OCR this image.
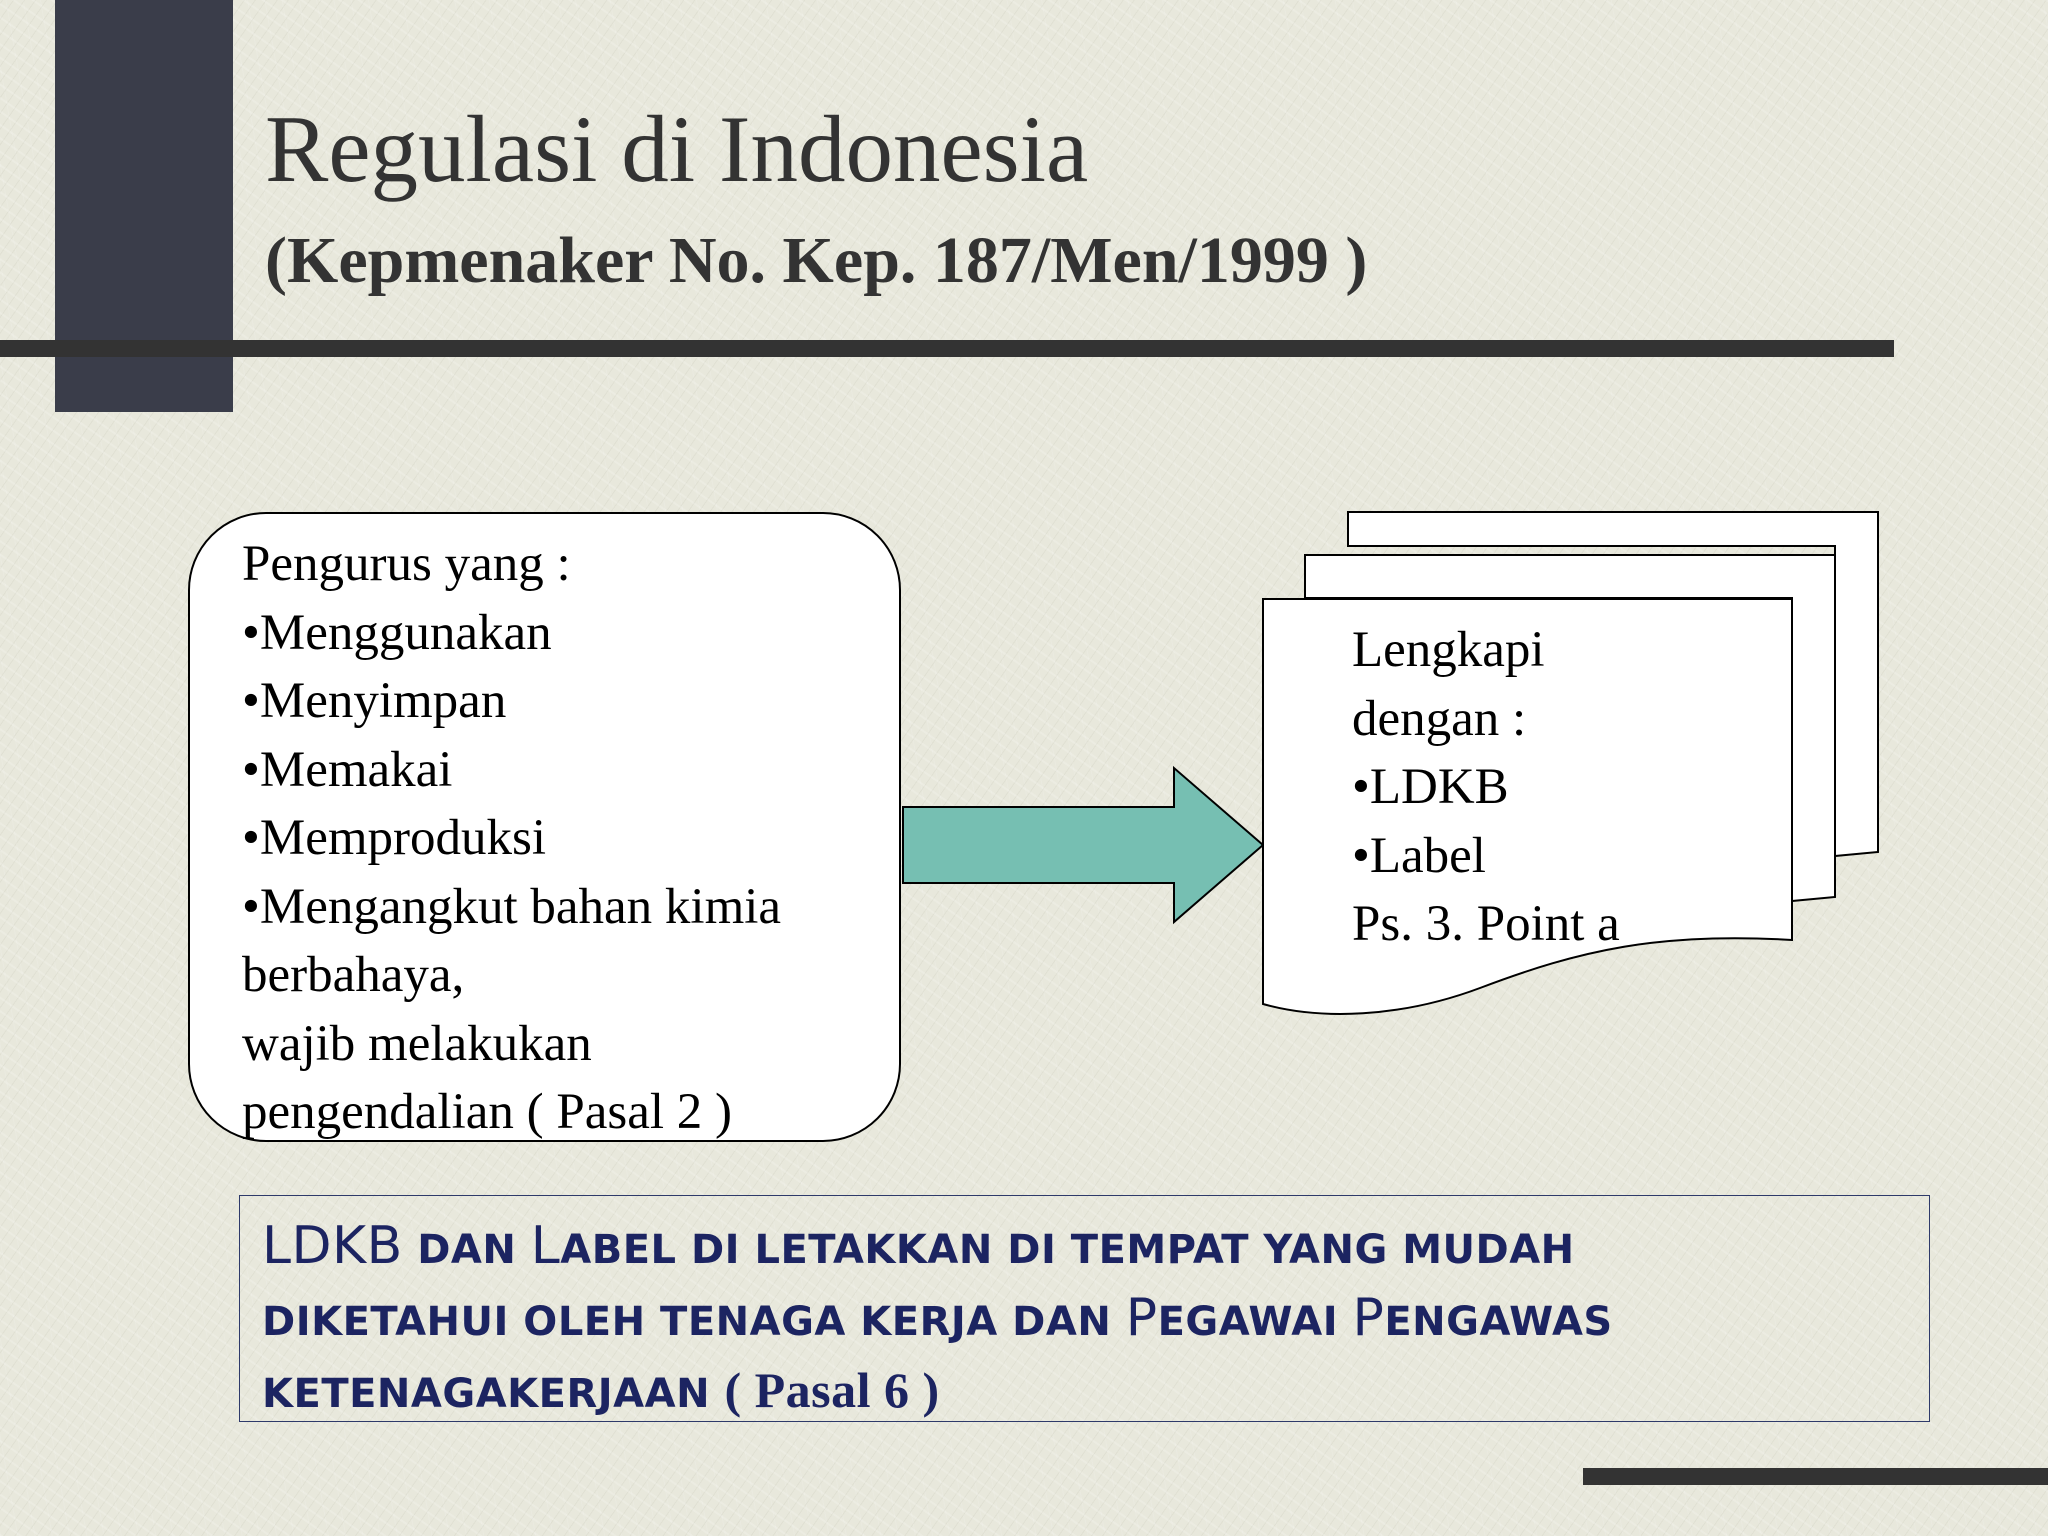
Regulasi di Indonesia
(Kepmenaker No. Kep. 187/Men/1999 )
Pengurus yang :
• Menggunakan
• Menyimpan
• Memakai
• Memproduksi
• Mengangkut bahan kimia
berbahaya,
wajib melakukan
pengendalian ( Pasal 2 )
Lengkapi
dengan :
• LDKB
• Label
Ps. 3. Point a
LDKB DAN LABEL DI LETAKKAN DI TEMPAT YANG MUDAH
DIKETAHUI OLEH TENAGA KERJA DAN PEGAWAI PENGAWAS
KETENAGAKERJAAN ( Pasal 6 )
